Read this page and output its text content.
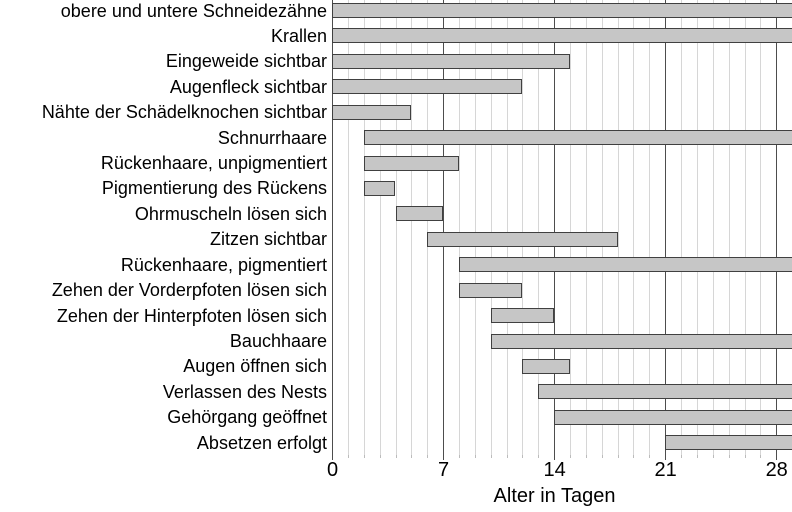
obere und untere Schneidezähne
Krallen
Eingeweide sichtbar
Augenfleck sichtbar
Nähte der Schädelknochen sichtbar
Schnurrhaare
Rückenhaare, unpigmentiert
Pigmentierung des Rückens
Ohrmuscheln lösen sich
Zitzen sichtbar
Rückenhaare, pigmentiert
Zehen der Vorderpfoten lösen sich
Zehen der Hinterpfoten lösen sich
Bauchhaare
Augen öffnen sich
Verlassen des Nests
Gehörgang geöffnet
Absetzen erfolgt
0	7	14	21	28
Alter in Tagen
